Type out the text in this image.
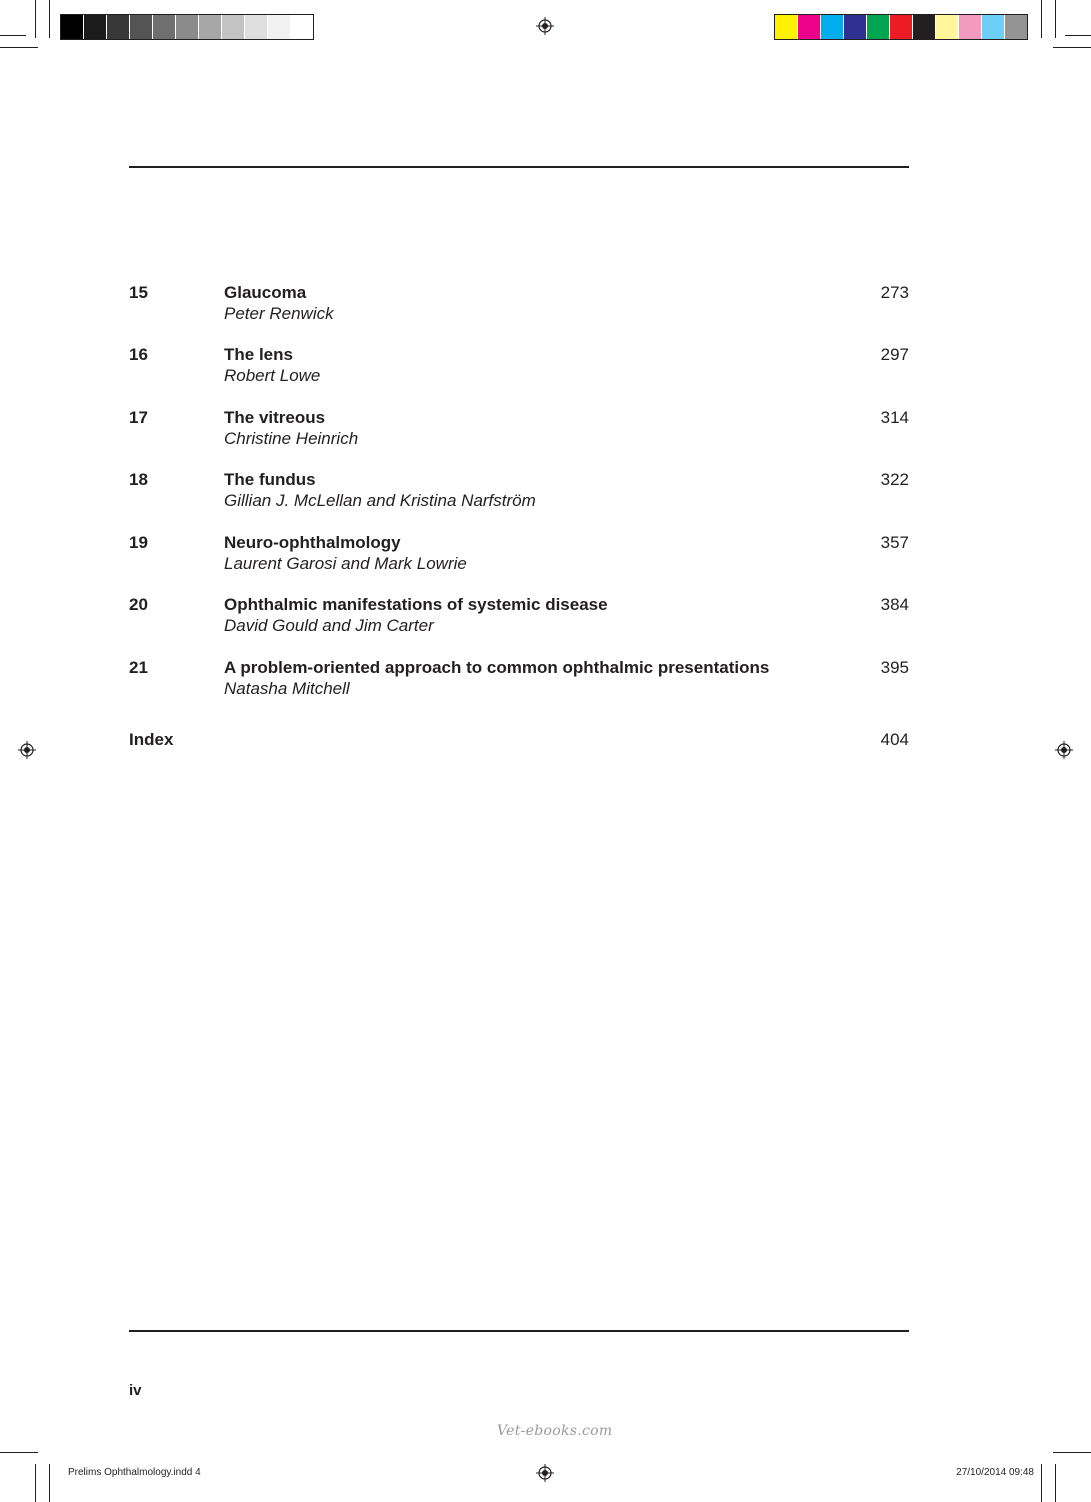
15	Glaucoma
Peter Renwick
273
16	The lens
Robert Lowe
297
17	The vitreous
Christine Heinrich
314
18	The fundus
Gillian J. McLellan and Kristina Narfström
322
19	Neuro-ophthalmology
Laurent Garosi and Mark Lowrie
357
20	Ophthalmic manifestations of systemic disease
David Gould and Jim Carter
384
21	A problem-oriented approach to common ophthalmic presentations
Natasha Mitchell
395
Index	404
iv
Vet-ebooks.com
Prelims Ophthalmology.indd 4	27/10/2014 09:48
